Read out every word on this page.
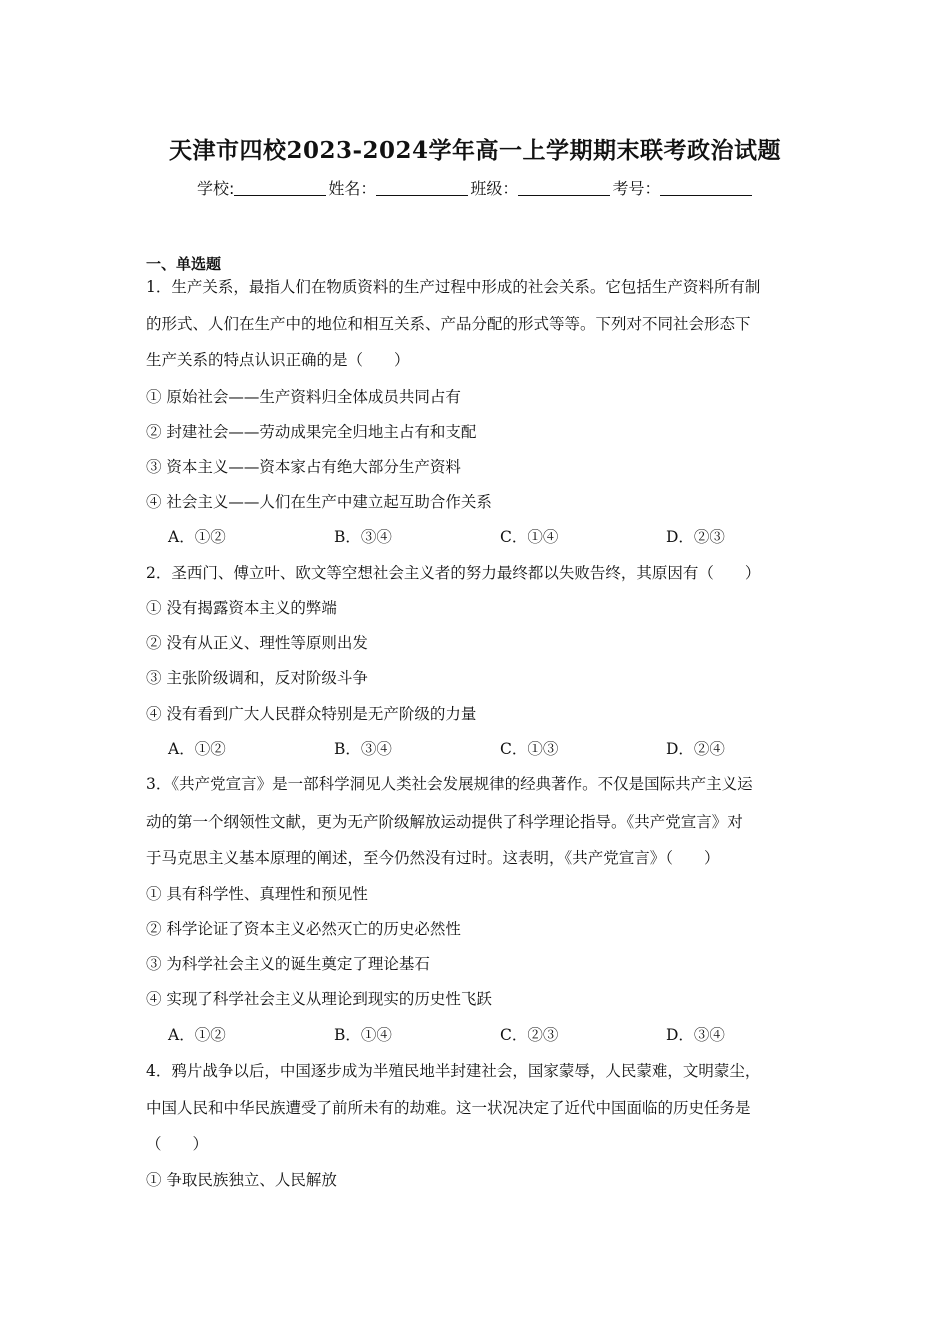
天津市四校2023-2024学年高一上学期期末联考政治试题
学校:	姓名：	班级：	考号：
一、单选题
1．生产关系，最指人们在物质资料的生产过程中形成的社会关系。它包括生产资料所有制
的形式、人们在生产中的地位和相互关系、产品分配的形式等等。下列对不同社会形态下
生产关系的特点认识正确的是（　　）
① 原始社会——生产资料归全体成员共同占有
② 封建社会——劳动成果完全归地主占有和支配
③ 资本主义——资本家占有绝大部分生产资料
④ 社会主义——人们在生产中建立起互助合作关系
A．①②	B．③④	C．①④	D．②③
2．圣西门、傅立叶、欧文等空想社会主义者的努力最终都以失败告终，其原因有（　　）
① 没有揭露资本主义的弊端
② 没有从正义、理性等原则出发
③ 主张阶级调和，反对阶级斗争
④ 没有看到广大人民群众特别是无产阶级的力量
A．①②	B．③④	C．①③	D．②④
3．《共产党宣言》是一部科学洞见人类社会发展规律的经典著作。不仅是国际共产主义运
动的第一个纲领性文献，更为无产阶级解放运动提供了科学理论指导。《共产党宣言》对
于马克思主义基本原理的阐述，至今仍然没有过时。这表明，《共产党宣言》（　　）
① 具有科学性、真理性和预见性
② 科学论证了资本主义必然灭亡的历史必然性
③ 为科学社会主义的诞生奠定了理论基石
④ 实现了科学社会主义从理论到现实的历史性飞跃
A．①②	B．①④	C．②③	D．③④
4．鸦片战争以后，中国逐步成为半殖民地半封建社会，国家蒙辱，人民蒙难，文明蒙尘，
中国人民和中华民族遭受了前所未有的劫难。这一状况决定了近代中国面临的历史任务是
（　　）
① 争取民族独立、人民解放
